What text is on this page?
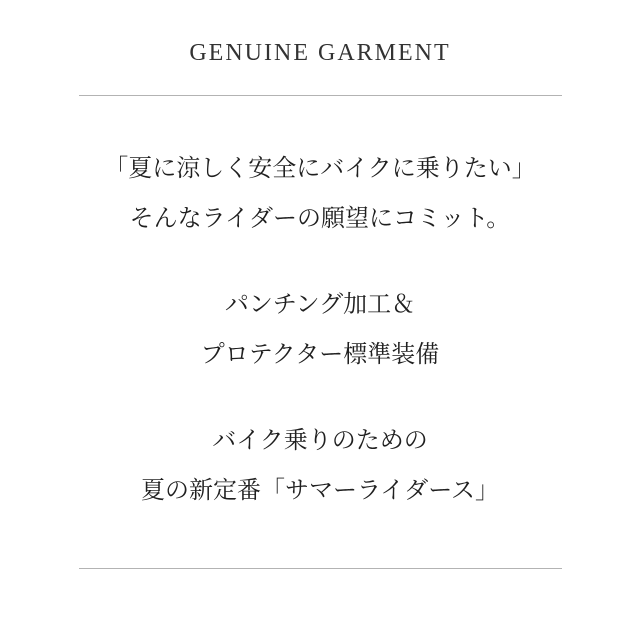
GENUINE GARMENT

「夏に涼しく安全にバイクに乗りたい」
そんなライダーの願望にコミット。

パンチング加工＆
プロテクター標準装備

バイク乗りのための
夏の新定番「サマーライダース」
